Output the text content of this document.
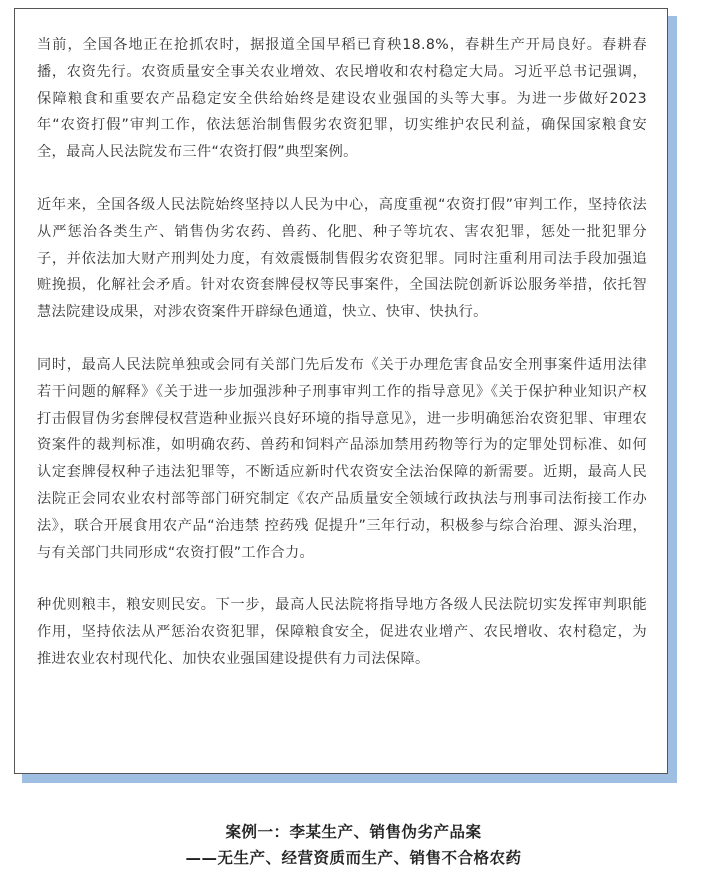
当前，全国各地正在抢抓农时，据报道全国早稻已育秧18.8%，春耕生产开局良好。春耕春播，农资先行。农资质量安全事关农业增效、农民增收和农村稳定大局。习近平总书记强调，保障粮食和重要农产品稳定安全供给始终是建设农业强国的头等大事。为进一步做好2023年“农资打假”审判工作，依法惩治制售假劣农资犯罪，切实维护农民利益，确保国家粮食安全，最高人民法院发布三件“农资打假”典型案例。

近年来，全国各级人民法院始终坚持以人民为中心，高度重视“农资打假”审判工作，坚持依法从严惩治各类生产、销售伪劣农药、兽药、化肥、种子等坑农、害农犯罪，惩处一批犯罪分子，并依法加大财产刑判处力度，有效震慑制售假劣农资犯罪。同时注重利用司法手段加强追赃挽损，化解社会矛盾。针对农资套牌侵权等民事案件，全国法院创新诉讼服务举措，依托智慧法院建设成果，对涉农资案件开辟绿色通道，快立、快审、快执行。

同时，最高人民法院单独或会同有关部门先后发布《关于办理危害食品安全刑事案件适用法律若干问题的解释》《关于进一步加强涉种子刑事审判工作的指导意见》《关于保护种业知识产权打击假冒伪劣套牌侵权营造种业振兴良好环境的指导意见》，进一步明确惩治农资犯罪、审理农资案件的裁判标准，如明确农药、兽药和饲料产品添加禁用药物等行为的定罪处罚标准、如何认定套牌侵权种子违法犯罪等，不断适应新时代农资安全法治保障的新需要。近期，最高人民法院正会同农业农村部等部门研究制定《农产品质量安全领域行政执法与刑事司法衔接工作办法》，联合开展食用农产品“治违禁 控药残 促提升”三年行动，积极参与综合治理、源头治理，与有关部门共同形成“农资打假”工作合力。

种优则粮丰，粮安则民安。下一步，最高人民法院将指导地方各级人民法院切实发挥审判职能作用，坚持依法从严惩治农资犯罪，保障粮食安全，促进农业增产、农民增收、农村稳定，为推进农业农村现代化、加快农业强国建设提供有力司法保障。

案例一：李某生产、销售伪劣产品案
——无生产、经营资质而生产、销售不合格农药
